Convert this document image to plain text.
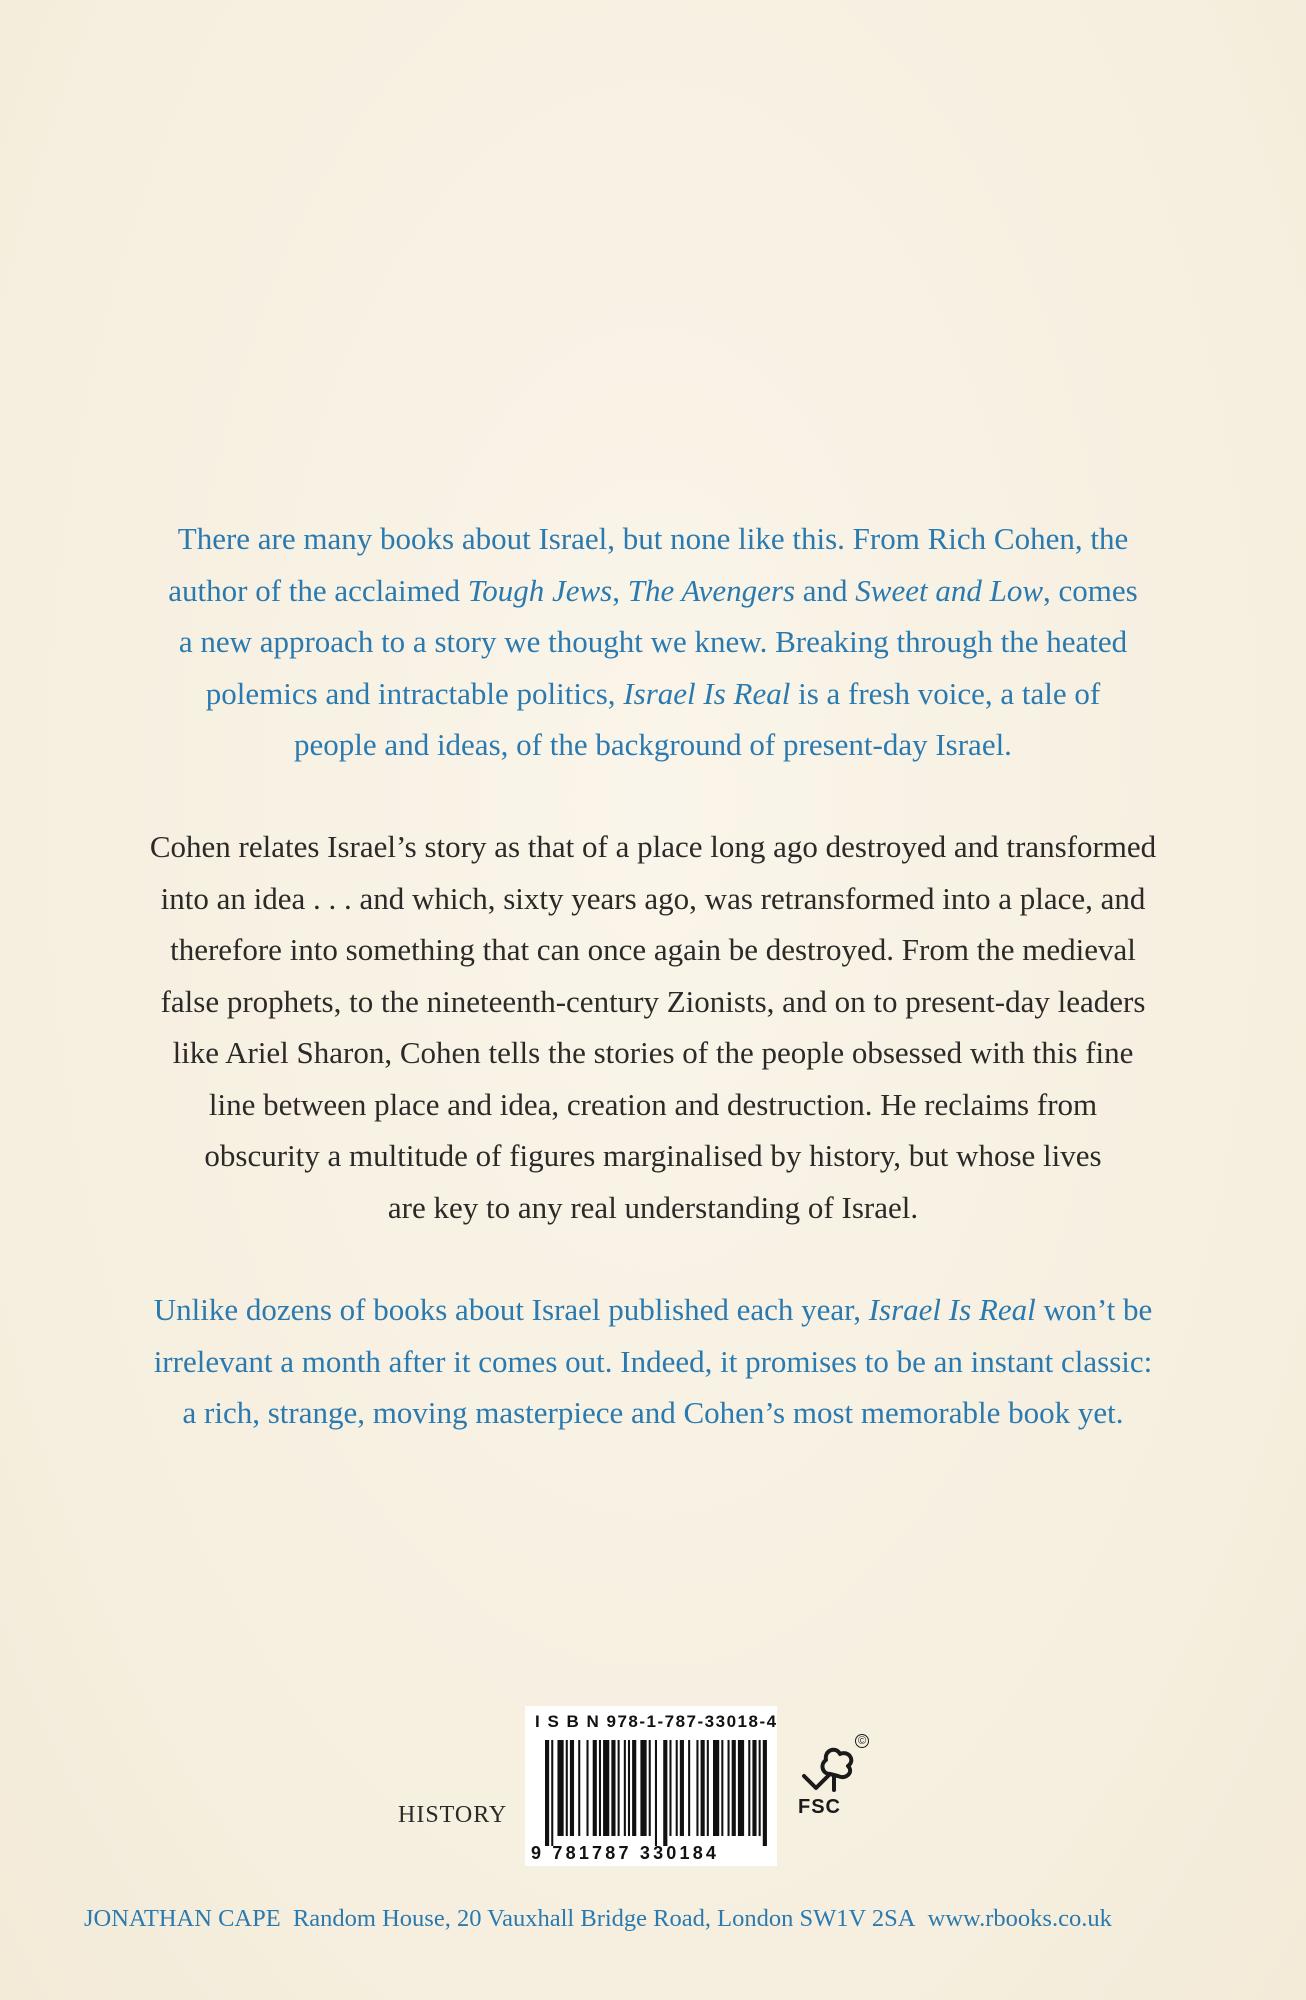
There are many books about Israel, but none like this. From Rich Cohen, the
author of the acclaimed Tough Jews, The Avengers and Sweet and Low, comes
a new approach to a story we thought we knew. Breaking through the heated
polemics and intractable politics, Israel Is Real is a fresh voice, a tale of
people and ideas, of the background of present-day Israel.

Cohen relates Israel’s story as that of a place long ago destroyed and transformed
into an idea . . . and which, sixty years ago, was retransformed into a place, and
therefore into something that can once again be destroyed. From the medieval
false prophets, to the nineteenth-century Zionists, and on to present-day leaders
like Ariel Sharon, Cohen tells the stories of the people obsessed with this fine
line between place and idea, creation and destruction. He reclaims from
obscurity a multitude of figures marginalised by history, but whose lives
are key to any real understanding of Israel.

Unlike dozens of books about Israel published each year, Israel Is Real won’t be
irrelevant a month after it comes out. Indeed, it promises to be an instant classic:
a rich, strange, moving masterpiece and Cohen’s most memorable book yet.

HISTORY
I S B N 978-1-787-33018-4
9 781787 330184
©
FSC
JONATHAN CAPE Random House, 20 Vauxhall Bridge Road, London SW1V 2SA www.rbooks.co.uk
